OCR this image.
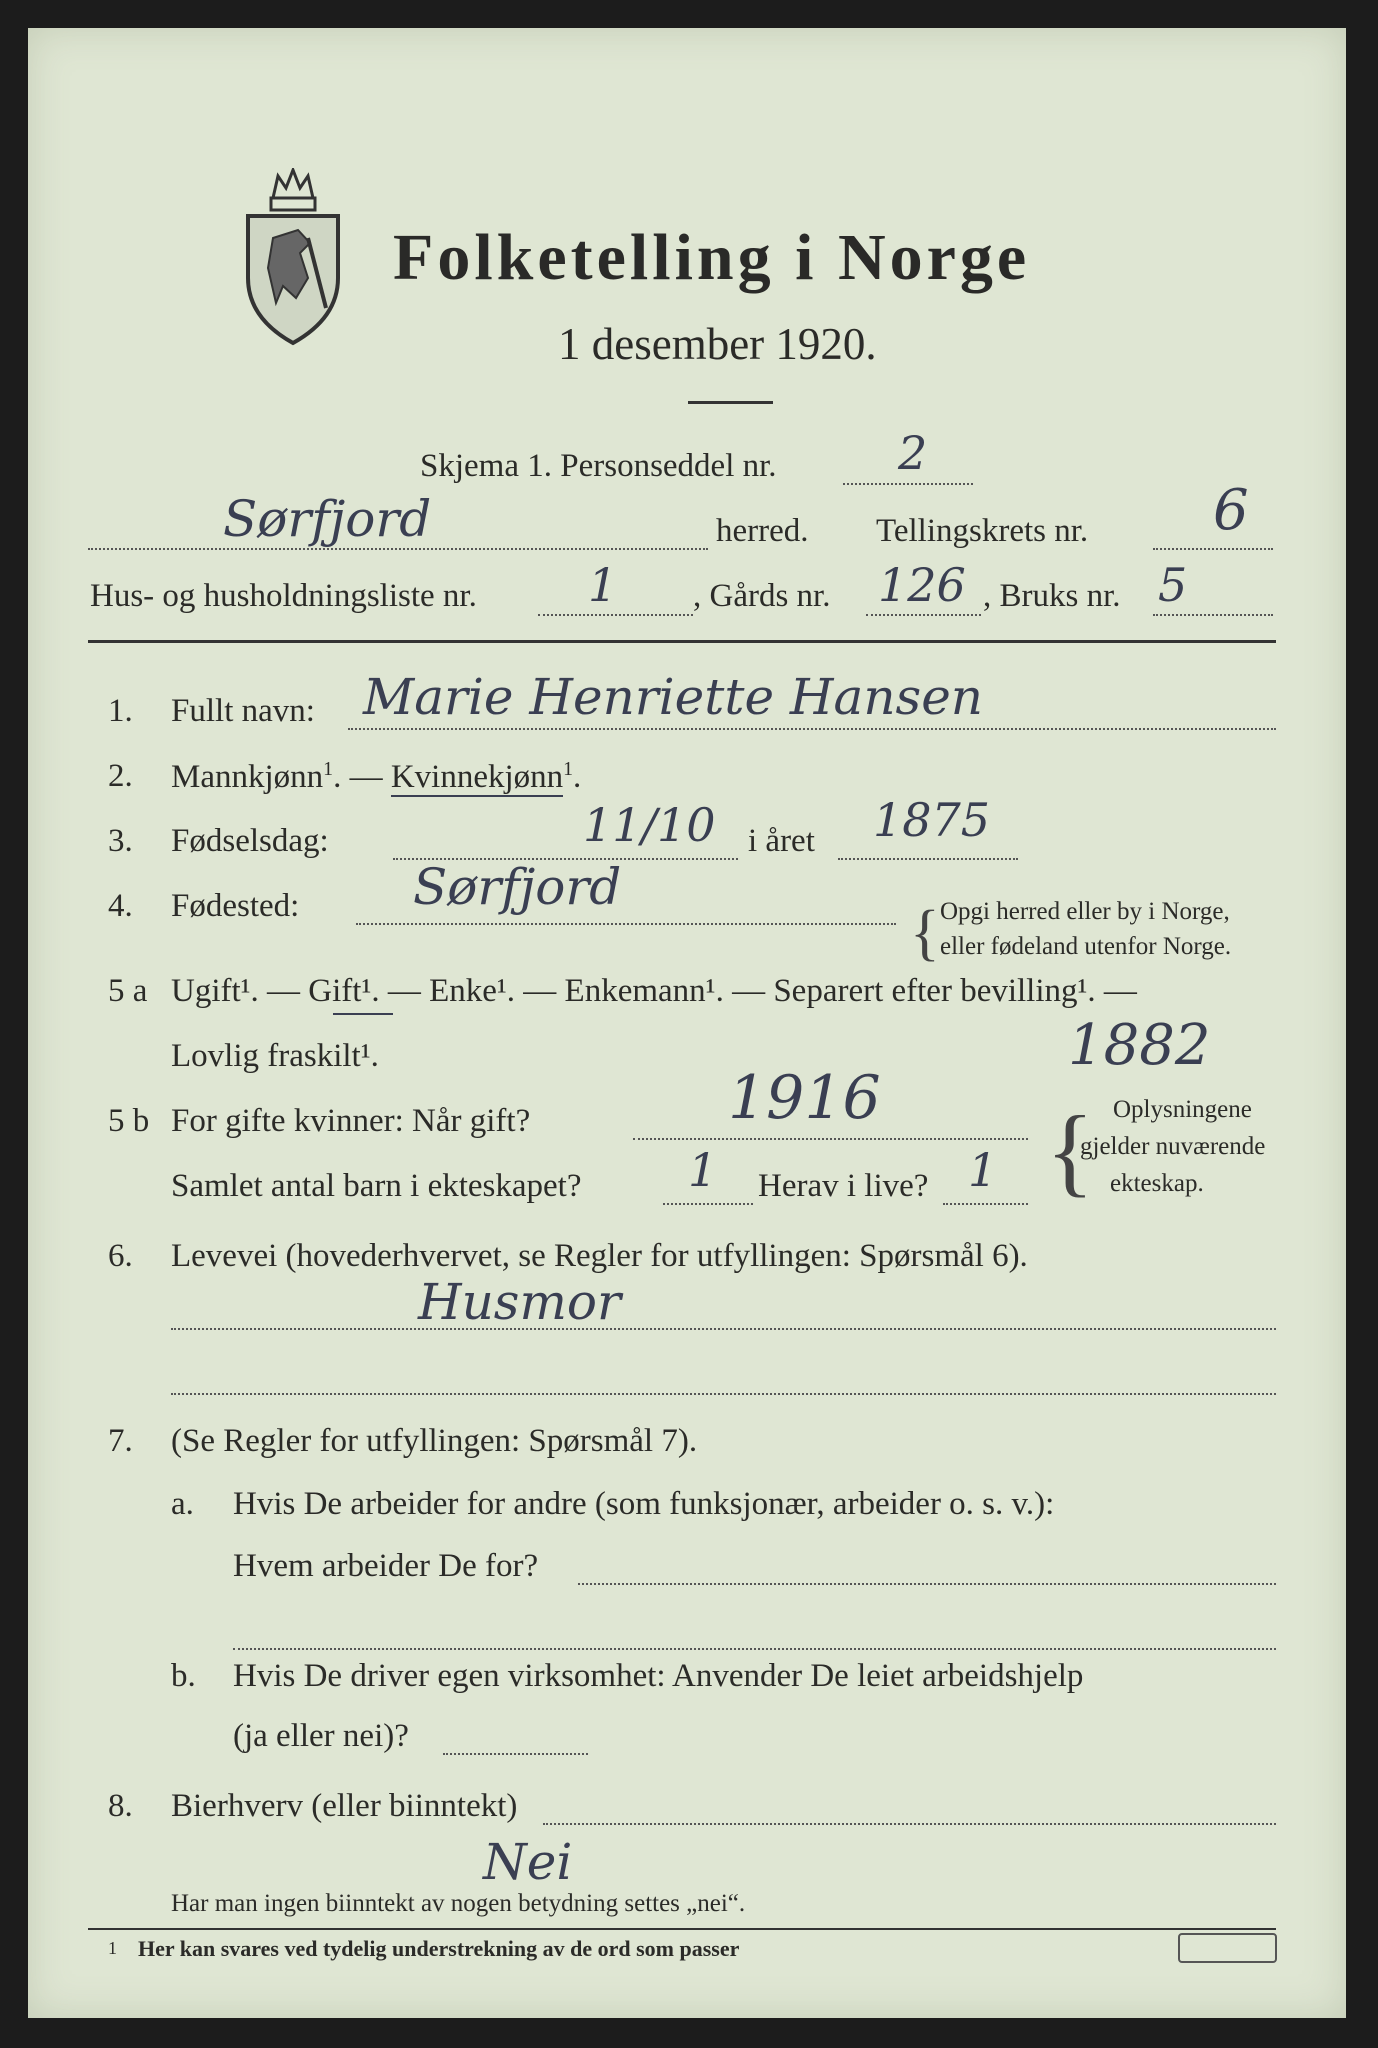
Folketelling i Norge
1 desember 1920.
Skjema 1. Personseddel nr.	2
Sørfjord	herred. Tellingskrets nr. 6
Hus- og husholdningsliste nr. 1 , Gårds nr. 126 , Bruks nr. 5
1. Fullt navn: Marie Henriette Hansen
2. Mannkjønn$^1$. — Kvinnekjønn$^1$.
3. Fødselsdag:	11/10 i året 1875
4. Fødested: Sørfjord
{ Opgi herred eller by i Norge,
eller fødeland utenfor Norge.
5 a Ugift¹. — Gift¹. — Enke¹. — Enkemann¹. — Separert efter bevilling¹. —
Lovlig fraskilt¹.	1882
5 b For gifte kvinner: Når gift?	1916
Samlet antal barn i ekteskapet? 1 Herav i live? 1 { Oplysningene
gjelder nuværende
ekteskap.
6. Levevei (hovederhvervet, se Regler for utfyllingen: Spørsmål 6).
Husmor
7. (Se Regler for utfyllingen: Spørsmål 7).
a. Hvis De arbeider for andre (som funksjonær, arbeider o. s. v.):
Hvem arbeider De for?
b. Hvis De driver egen virksomhet: Anvender De leiet arbeidshjelp
(ja eller nei)?
8. Bierhverv (eller biinntekt)
Nei
Har man ingen biinntekt av nogen betydning settes „nei“.
1 Her kan svares ved tydelig understrekning av de ord som passer
